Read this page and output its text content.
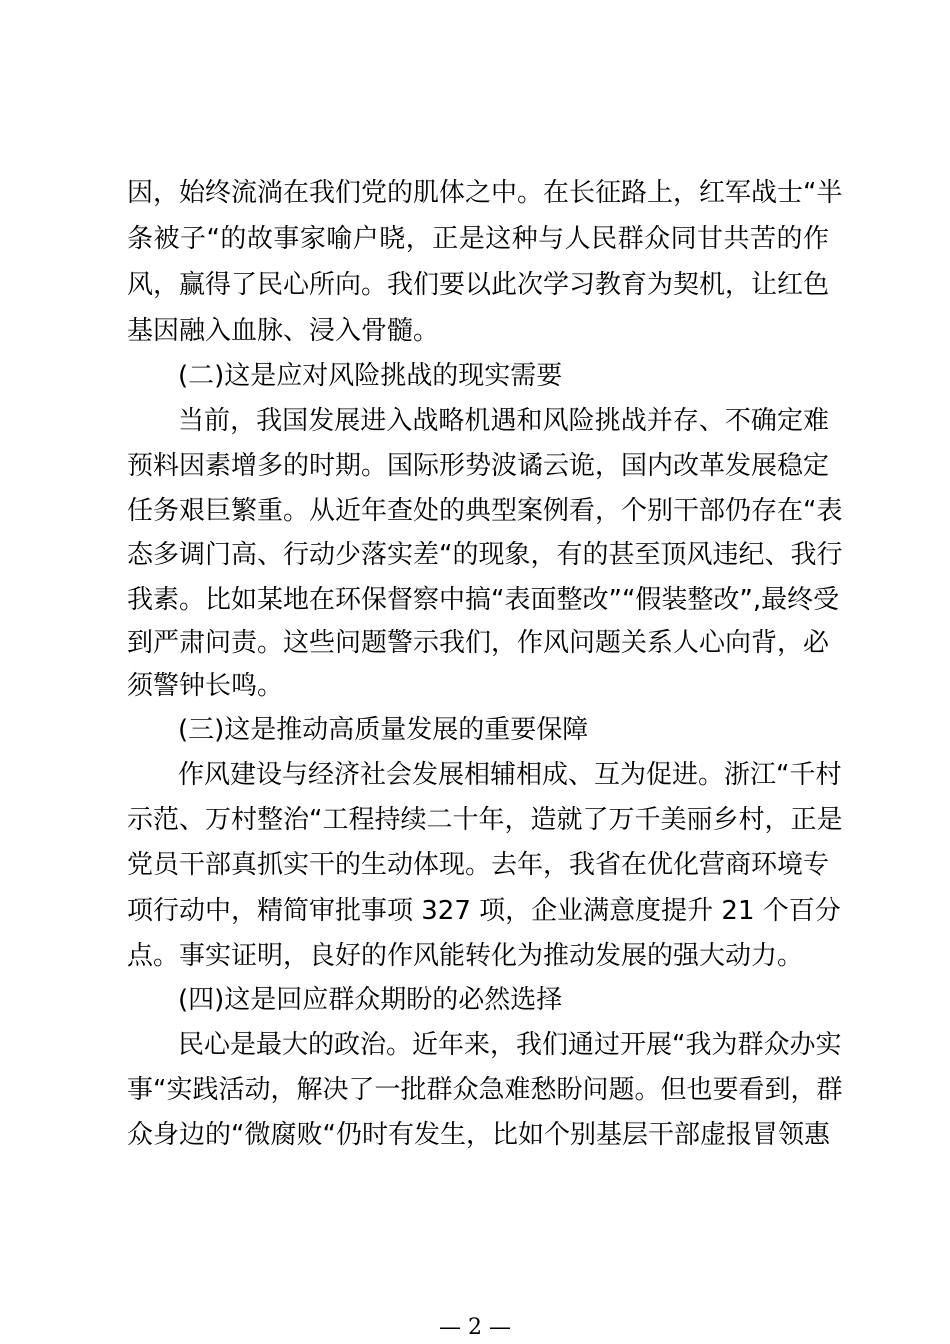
因，始终流淌在我们党的肌体之中。在长征路上，红军战士“半
条被子“的故事家喻户晓，正是这种与人民群众同甘共苦的作
风，赢得了民心所向。我们要以此次学习教育为契机，让红色
基因融入血脉、浸入骨髓。
(二)这是应对风险挑战的现实需要
当前，我国发展进入战略机遇和风险挑战并存、不确定难
预料因素增多的时期。国际形势波谲云诡，国内改革发展稳定
任务艰巨繁重。从近年查处的典型案例看，个别干部仍存在“表
态多调门高、行动少落实差“的现象，有的甚至顶风违纪、我行
我素。比如某地在环保督察中搞“表面整改”“假装整改”,最终受
到严肃问责。这些问题警示我们，作风问题关系人心向背，必
须警钟长鸣。
(三)这是推动高质量发展的重要保障
作风建设与经济社会发展相辅相成、互为促进。浙江“千村
示范、万村整治“工程持续二十年，造就了万千美丽乡村，正是
党员干部真抓实干的生动体现。去年，我省在优化营商环境专
项行动中，精简审批事项 327 项，企业满意度提升 21 个百分
点。事实证明，良好的作风能转化为推动发展的强大动力。
(四)这是回应群众期盼的必然选择
民心是最大的政治。近年来，我们通过开展“我为群众办实
事“实践活动，解决了一批群众急难愁盼问题。但也要看到，群
众身边的“微腐败“仍时有发生，比如个别基层干部虚报冒领惠
— 2 —
